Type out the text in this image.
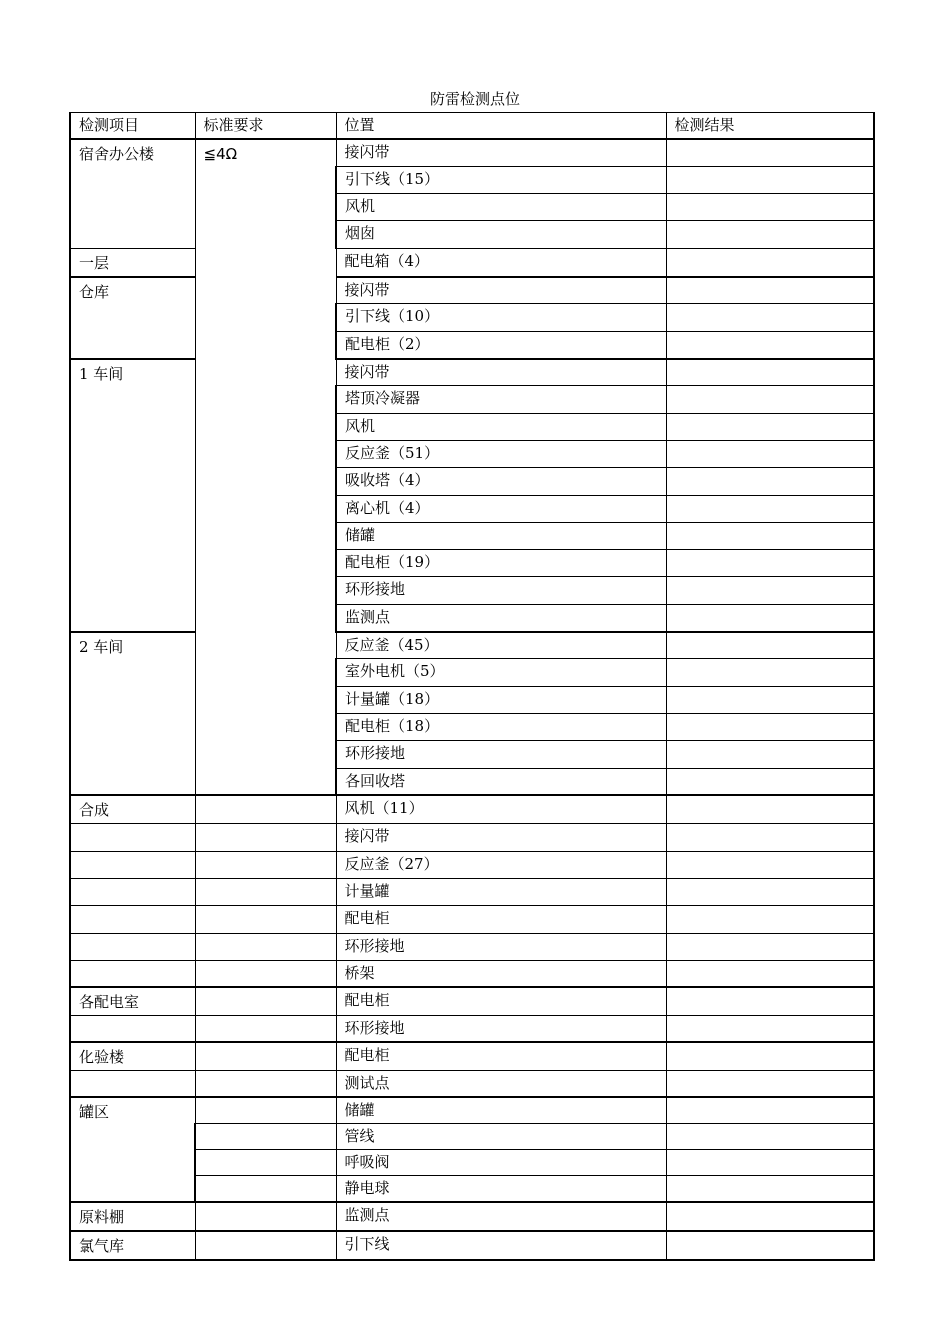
防雷检测点位
检测项目	标准要求	位置	检测结果
宿舍办公楼	≦4Ω	接闪带	
		引下线（15）	
		风机	
		烟囱	
一层		配电箱（4）	
仓库		接闪带	
		引下线（10）	
		配电柜（2）	
1 车间		接闪带	
		塔顶冷凝器	
		风机	
		反应釜（51）	
		吸收塔（4）	
		离心机（4）	
		储罐	
		配电柜（19）	
		环形接地	
		监测点	
2 车间		反应釜（45）	
		室外电机（5）	
		计量罐（18）	
		配电柜（18）	
		环形接地	
		各回收塔	
合成		风机（11）	
		接闪带	
		反应釜（27）	
		计量罐	
		配电柜	
		环形接地	
		桥架	
各配电室		配电柜	
		环形接地	
化验楼		配电柜	
		测试点	
罐区		储罐	
		管线	
		呼吸阀	
		静电球	
原料棚		监测点	
氯气库		引下线	
